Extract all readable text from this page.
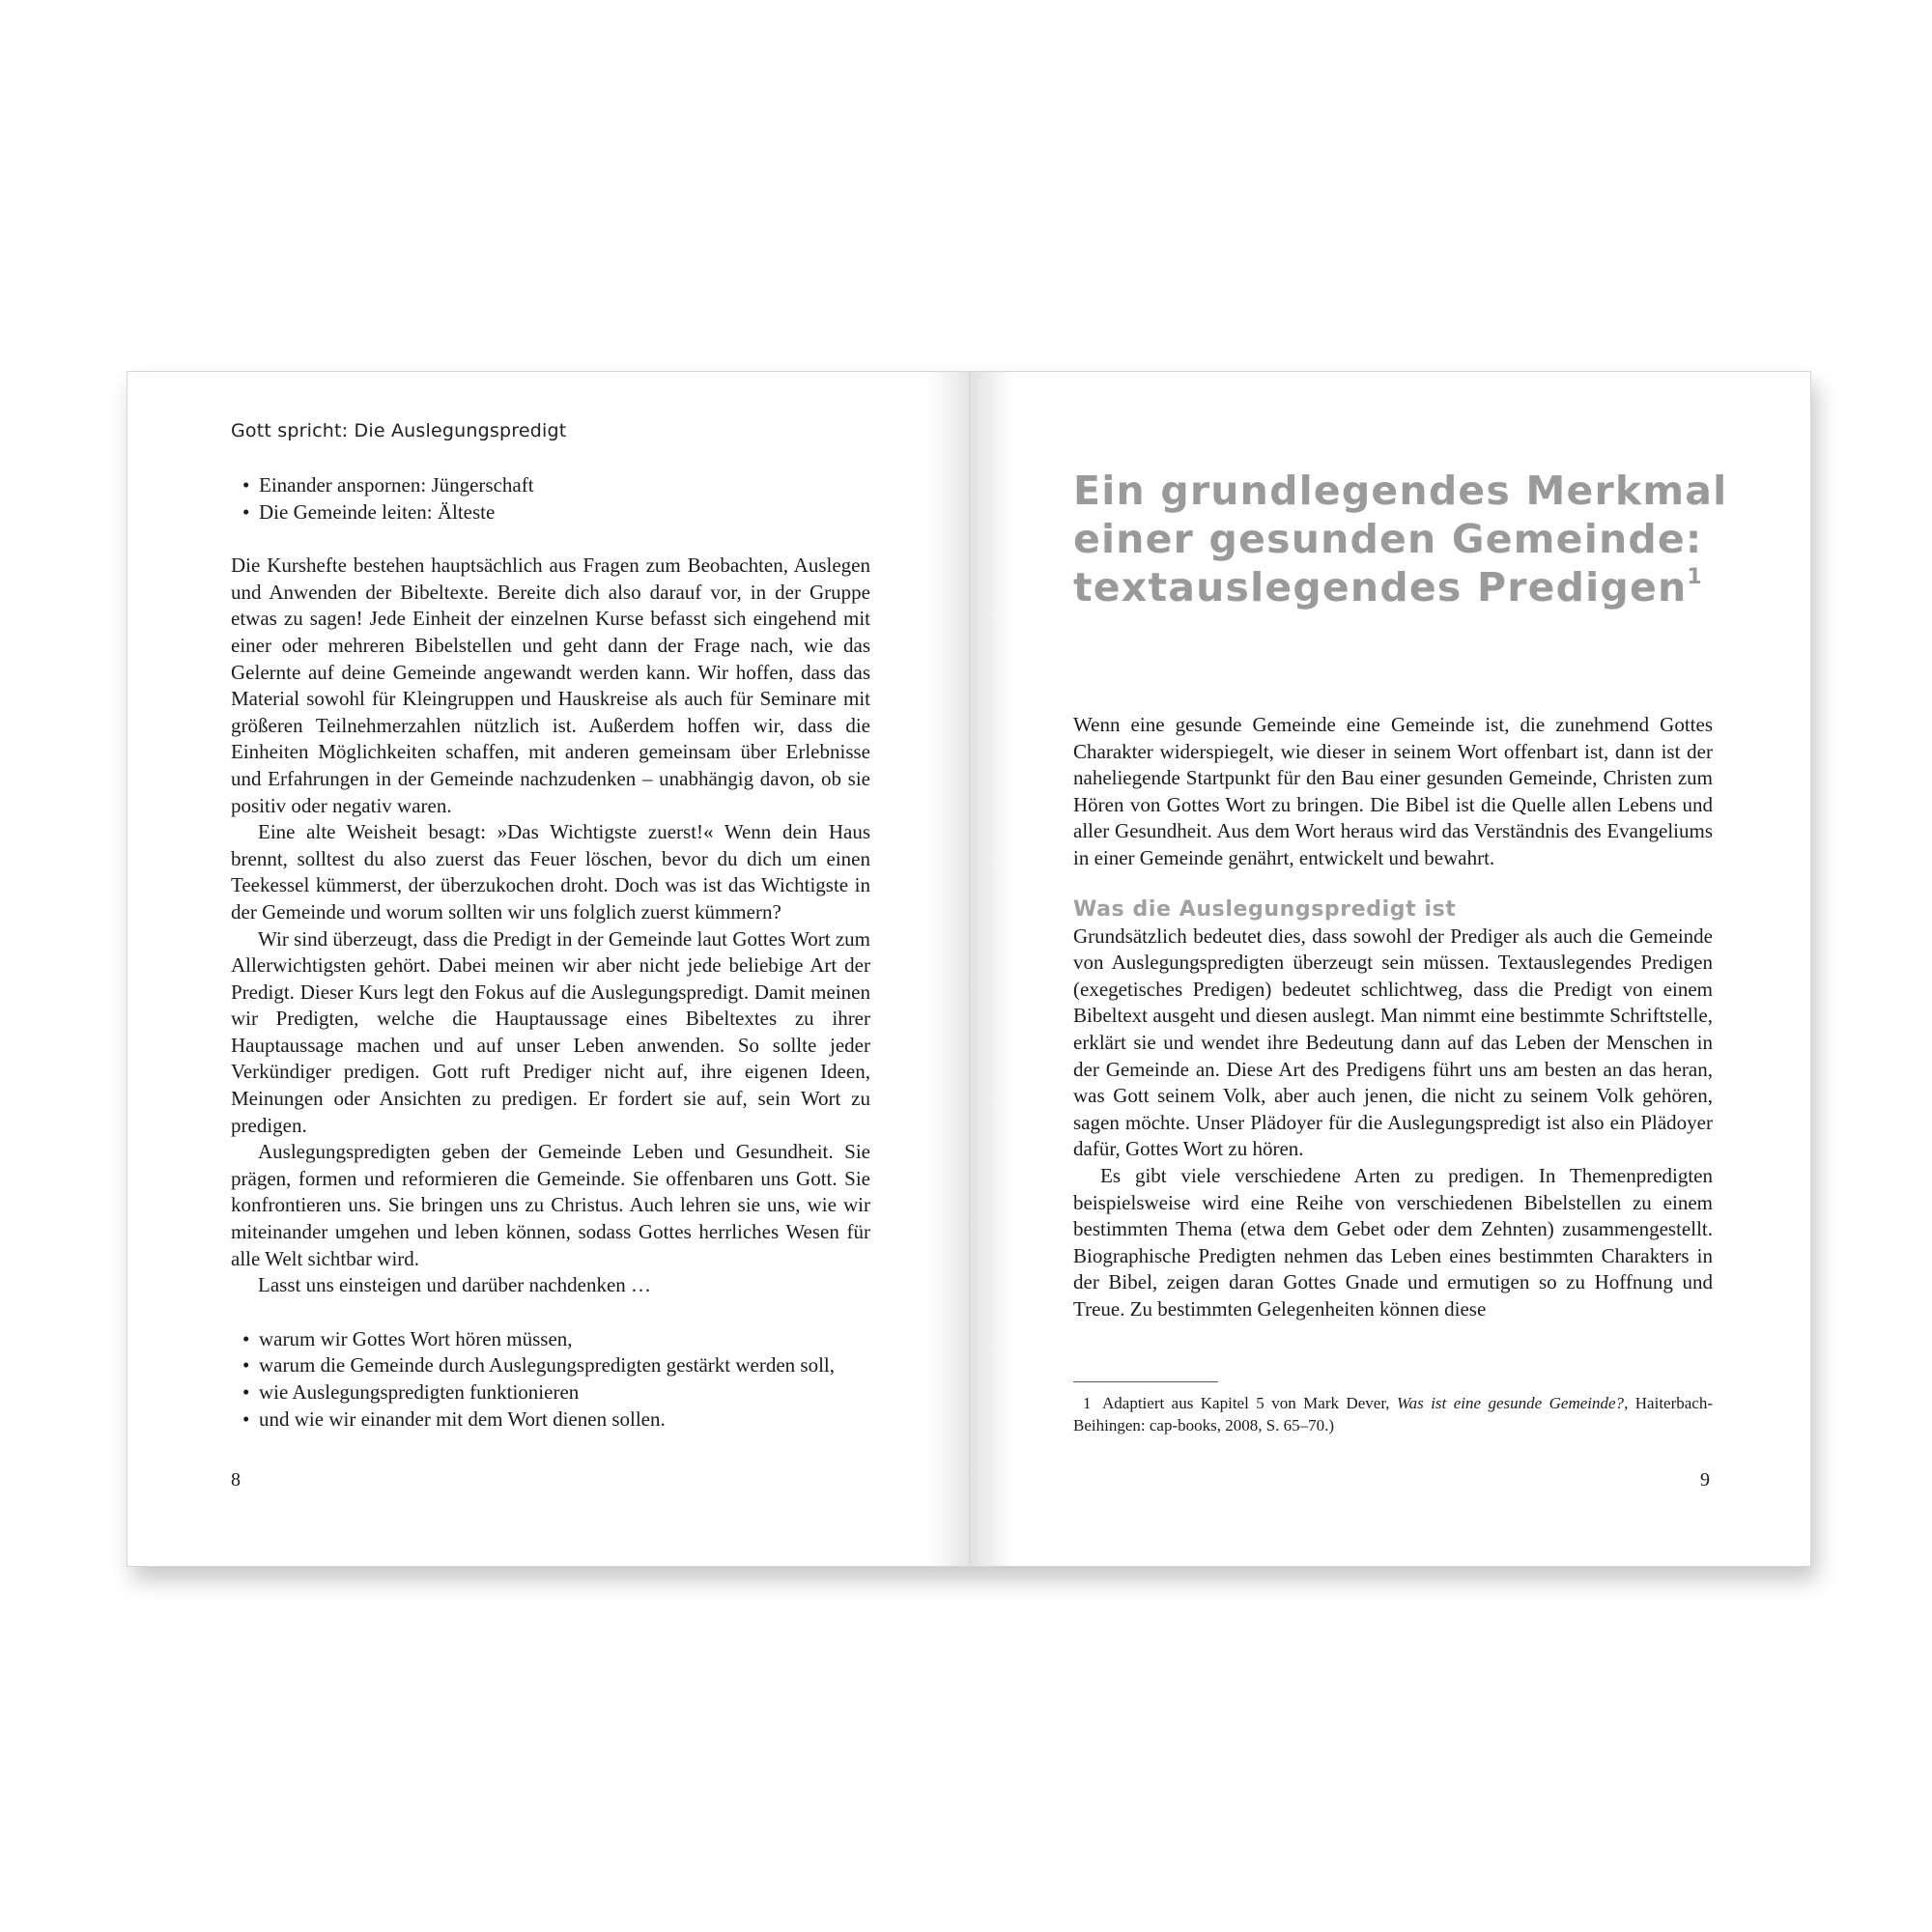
Gott spricht: Die Auslegungspredigt
• Einander anspornen: Jüngerschaft
• Die Gemeinde leiten: Älteste

Die Kurshefte bestehen hauptsächlich aus Fragen zum Beobachten, Auslegen und Anwenden der Bibeltexte. Bereite dich also darauf vor, in der Gruppe etwas zu sagen! Jede Einheit der einzelnen Kurse befasst sich eingehend mit einer oder mehreren Bibelstellen und geht dann der Frage nach, wie das Gelernte auf deine Gemeinde angewandt werden kann. Wir hoffen, dass das Material sowohl für Kleingruppen und Hauskreise als auch für Seminare mit größeren Teilnehmerzahlen nützlich ist. Außerdem hoffen wir, dass die Einheiten Möglichkeiten schaffen, mit anderen gemeinsam über Erlebnisse und Erfahrungen in der Gemeinde nachzudenken – unabhängig davon, ob sie positiv oder negativ waren.

Eine alte Weisheit besagt: »Das Wichtigste zuerst!« Wenn dein Haus brennt, solltest du also zuerst das Feuer löschen, bevor du dich um einen Teekessel kümmerst, der überzukochen droht. Doch was ist das Wichtigste in der Gemeinde und worum sollten wir uns folglich zuerst kümmern?

Wir sind überzeugt, dass die Predigt in der Gemeinde laut Gottes Wort zum Allerwichtigsten gehört. Dabei meinen wir aber nicht jede beliebige Art der Predigt. Dieser Kurs legt den Fokus auf die Auslegungspredigt. Damit meinen wir Predigten, welche die Hauptaussage eines Bibeltextes zu ihrer Hauptaussage machen und auf unser Leben anwenden. So sollte jeder Verkündiger predigen. Gott ruft Prediger nicht auf, ihre eigenen Ideen, Meinungen oder Ansichten zu predigen. Er fordert sie auf, sein Wort zu predigen.

Auslegungspredigten geben der Gemeinde Leben und Gesundheit. Sie prägen, formen und reformieren die Gemeinde. Sie offenbaren uns Gott. Sie konfrontieren uns. Sie bringen uns zu Christus. Auch lehren sie uns, wie wir miteinander umgehen und leben können, sodass Gottes herrliches Wesen für alle Welt sichtbar wird.

Lasst uns einsteigen und darüber nachdenken …

• warum wir Gottes Wort hören müssen,
• warum die Gemeinde durch Auslegungspredigten gestärkt werden soll,
• wie Auslegungspredigten funktionieren
• und wie wir einander mit dem Wort dienen sollen.
8
Ein grundlegendes Merkmal einer gesunden Gemeinde: textauslegendes Predigen$^1$

Wenn eine gesunde Gemeinde eine Gemeinde ist, die zunehmend Gottes Charakter widerspiegelt, wie dieser in seinem Wort offenbart ist, dann ist der naheliegende Startpunkt für den Bau einer gesunden Gemeinde, Christen zum Hören von Gottes Wort zu bringen. Die Bibel ist die Quelle allen Lebens und aller Gesundheit. Aus dem Wort heraus wird das Verständnis des Evangeliums in einer Gemeinde genährt, entwickelt und bewahrt.

Was die Auslegungspredigt ist

Grundsätzlich bedeutet dies, dass sowohl der Prediger als auch die Gemeinde von Auslegungspredigten überzeugt sein müssen. Textauslegendes Predigen (exegetisches Predigen) bedeutet schlichtweg, dass die Predigt von einem Bibeltext ausgeht und diesen auslegt. Man nimmt eine bestimmte Schriftstelle, erklärt sie und wendet ihre Bedeutung dann auf das Leben der Menschen in der Gemeinde an. Diese Art des Predigens führt uns am besten an das heran, was Gott seinem Volk, aber auch jenen, die nicht zu seinem Volk gehören, sagen möchte. Unser Plädoyer für die Auslegungspredigt ist also ein Plädoyer dafür, Gottes Wort zu hören.

Es gibt viele verschiedene Arten zu predigen. In Themenpredigten beispielsweise wird eine Reihe von verschiedenen Bibelstellen zu einem bestimmten Thema (etwa dem Gebet oder dem Zehnten) zusammengestellt. Biographische Predigten nehmen das Leben eines bestimmten Charakters in der Bibel, zeigen daran Gottes Gnade und ermutigen so zu Hoffnung und Treue. Zu bestimmten Gelegenheiten können diese

1 Adaptiert aus Kapitel 5 von Mark Dever, Was ist eine gesunde Gemeinde?, Haiterbach-Beihingen: cap-books, 2008, S. 65–70.)
9
